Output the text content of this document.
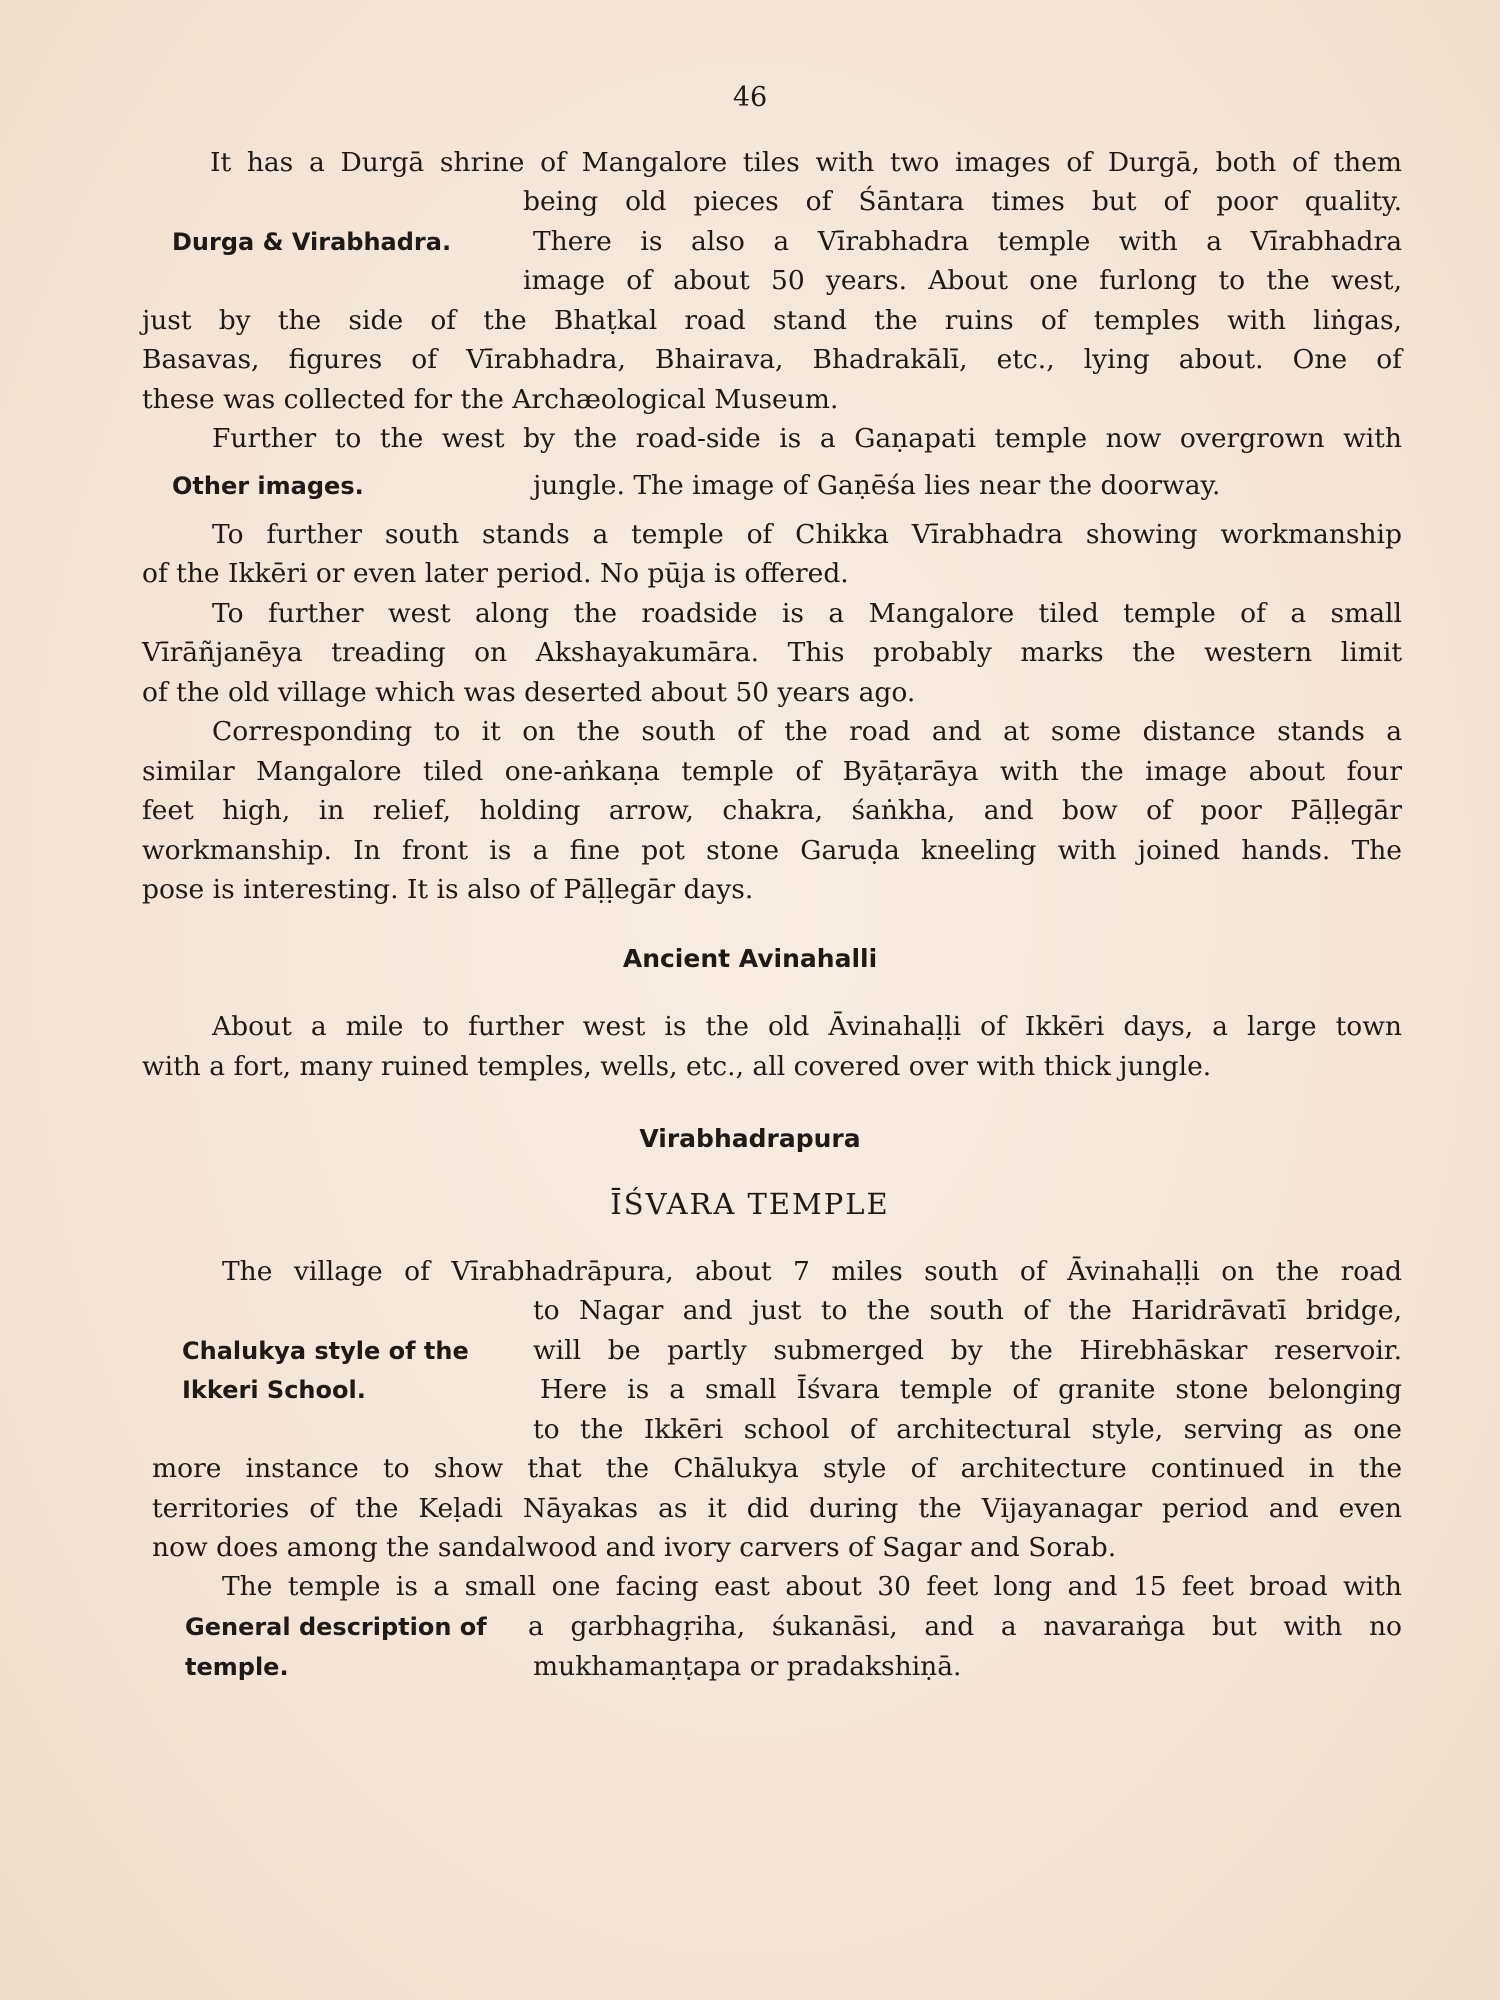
46
It has a Durgā shrine of Mangalore tiles with two images of Durgā, both of them
being old pieces of Śāntara times but of poor quality.
Durga & Virabhadra.	There is also a Vīrabhadra temple with a Vīrabhadra
image of about 50 years. About one furlong to the west,
just by the side of the Bhaṭkal road stand the ruins of temples with liṅgas,
Basavas, figures of Vīrabhadra, Bhairava, Bhadrakālī, etc., lying about. One of
these was collected for the Archæological Museum.
Further to the west by the road-side is a Gaṇapati temple now overgrown with
Other images.	jungle. The image of Gaṇēśa lies near the doorway.
To further south stands a temple of Chikka Vīrabhadra showing workmanship
of the Ikkēri or even later period. No pūja is offered.
To further west along the roadside is a Mangalore tiled temple of a small
Vīrāñjanēya treading on Akshayakumāra. This probably marks the western limit
of the old village which was deserted about 50 years ago.
Corresponding to it on the south of the road and at some distance stands a
similar Mangalore tiled one-aṅkaṇa temple of Byāṭarāya with the image about four
feet high, in relief, holding arrow, chakra, śaṅkha, and bow of poor Pāḷḷegār
workmanship. In front is a fine pot stone Garuḍa kneeling with joined hands. The
pose is interesting. It is also of Pāḷḷegār days.
Ancient Avinahalli
About a mile to further west is the old Āvinahaḷḷi of Ikkēri days, a large town
with a fort, many ruined temples, wells, etc., all covered over with thick jungle.
Virabhadrapura
ĪŚVARA TEMPLE
The village of Vīrabhadrāpura, about 7 miles south of Āvinahaḷḷi on the road
to Nagar and just to the south of the Haridrāvatī bridge,
Chalukya style of the will be partly submerged by the Hirebhāskar reservoir.
Ikkeri School.	Here is a small Īśvara temple of granite stone belonging
to the Ikkēri school of architectural style, serving as one
more instance to show that the Chālukya style of architecture continued in the
territories of the Keḷadi Nāyakas as it did during the Vijayanagar period and even
now does among the sandalwood and ivory carvers of Sagar and Sorab.
The temple is a small one facing east about 30 feet long and 15 feet broad with
General description of a garbhagṛiha, śukanāsi, and a navaraṅga but with no
temple.	mukhamaṇṭapa or pradakshiṇā.
